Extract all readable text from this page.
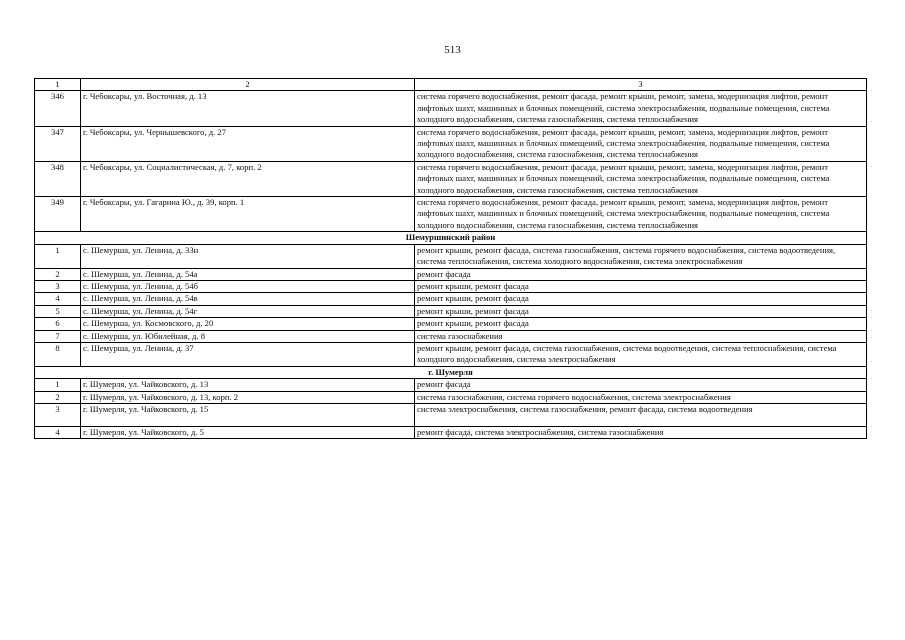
513
1	2	3
346	г. Чебоксары, ул. Восточная, д. 13	система горячего водоснабжения, ремонт фасада, ремонт крыши, ремонт, замена, модернизация лифтов, ремонт лифтовых шахт, машинных и блочных помещений, система электроснабжения, подвальные помещения, система холодного водоснабжения, система газоснабжения, система теплоснабжения
347	г. Чебоксары, ул. Чернышевского, д. 27	система горячего водоснабжения, ремонт фасада, ремонт крыши, ремонт, замена, модернизация лифтов, ремонт лифтовых шахт, машинных и блочных помещений, система электроснабжения, подвальные помещения, система холодного водоснабжения, система газоснабжения, система теплоснабжения
348	г. Чебоксары, ул. Социалистическая, д. 7, корп. 2	система горячего водоснабжения, ремонт фасада, ремонт крыши, ремонт, замена, модернизация лифтов, ремонт лифтовых шахт, машинных и блочных помещений, система электроснабжения, подвальные помещения, система холодного водоснабжения, система газоснабжения, система теплоснабжения
349	г. Чебоксары, ул. Гагарина Ю., д. 39, корп. 1	система горячего водоснабжения, ремонт фасада, ремонт крыши, ремонт, замена, модернизация лифтов, ремонт лифтовых шахт, машинных и блочных помещений, система электроснабжения, подвальные помещения, система холодного водоснабжения, система газоснабжения, система теплоснабжения
Шемуршинский район		
1	с. Шемурша, ул. Ленина, д. 33н	ремонт крыши, ремонт фасада, система газоснабжения, система горячего водоснабжения, система водоотведения, система теплоснабжения, система холодного водоснабжения, система электроснабжения
2	с. Шемурша, ул. Ленина, д. 54а	ремонт фасада
3	с. Шемурша, ул. Ленина, д. 54б	ремонт крыши, ремонт фасада
4	с. Шемурша, ул. Ленина, д. 54в	ремонт крыши, ремонт фасада
5	с. Шемурша, ул. Ленина, д. 54г	ремонт крыши, ремонт фасада
6	с. Шемурша, ул. Космовского, д. 20	ремонт крыши, ремонт фасада
7	с. Шемурша, ул. Юбилейная, д. 8	система газоснабжения
8	с. Шемурша, ул. Ленина, д. 37	ремонт крыши, ремонт фасада, система газоснабжения, система водоотведения, система теплоснабжения, система холодного водоснабжения, система электроснабжения
г. Шумерля		
1	г. Шумерля, ул. Чайковского, д. 13	ремонт фасада
2	г. Шумерля, ул. Чайковского, д. 13, корп. 2	система газоснабжения, система горячего водоснабжения, система электроснабжения
3	г. Шумерля, ул. Чайковского, д. 15	система электроснабжения, система газоснабжения, ремонт фасада, система водоотведения
4	г. Шумерля, ул. Чайковского, д. 5	ремонт фасада, система электроснабжения, система газоснабжения
